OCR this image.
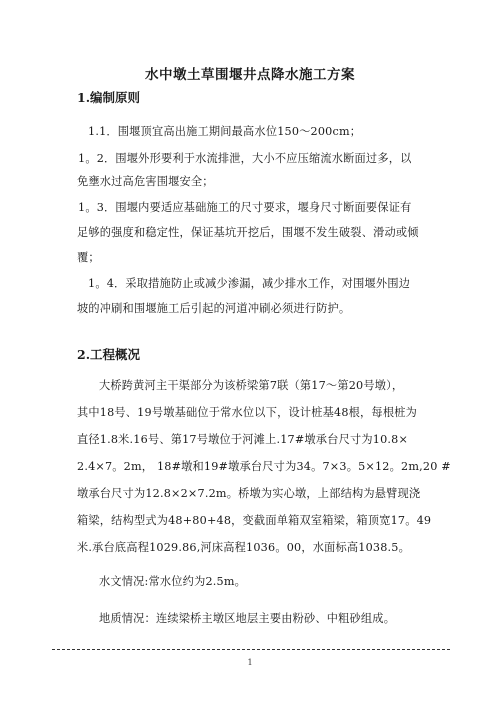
水中墩土草围堰井点降水施工方案
1.编制原则
1.1．围堰顶宜高出施工期间最高水位150～200cm；
1。2．围堰外形要利于水流排泄，大小不应压缩流水断面过多，以
免壅水过高危害围堰安全；
1。3．围堰内要适应基础施工的尺寸要求，堰身尺寸断面要保证有
足够的强度和稳定性，保证基坑开挖后，围堰不发生破裂、滑动或倾
覆；
1。4．采取措施防止或减少渗漏，减少排水工作，对围堰外围边
坡的冲刷和围堰施工后引起的河道冲刷必须进行防护。
2.工程概况
大桥跨黄河主干渠部分为该桥梁第7联（第17～第20号墩），
其中18号、19号墩基础位于常水位以下，设计桩基48根，每根桩为
直径1.8米.16号、第17号墩位于河滩上.17#墩承台尺寸为10.8×
2.4×7。2m， 18#墩和19#墩承台尺寸为34。7×3。5×12。2m,20 #
墩承台尺寸为12.8×2×7.2m。桥墩为实心墩，上部结构为悬臂现浇
箱梁，结构型式为48+80+48，变截面单箱双室箱梁，箱顶宽17。49
米.承台底高程1029.86,河床高程1036。00，水面标高1038.5。
水文情况:常水位约为2.5m。
地质情况：连续梁桥主墩区地层主要由粉砂、中粗砂组成。
1
